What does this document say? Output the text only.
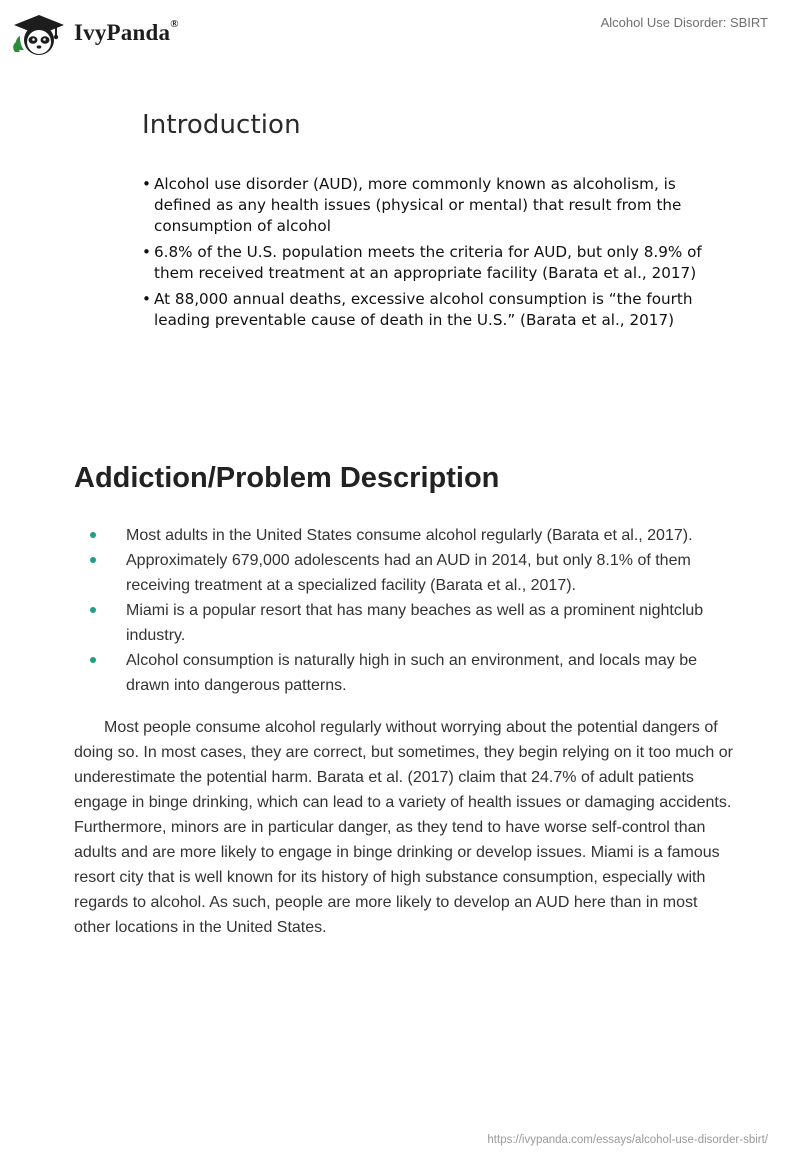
IvyPanda®	Alcohol Use Disorder: SBIRT
Introduction
• Alcohol use disorder (AUD), more commonly known as alcoholism, is defined as any health issues (physical or mental) that result from the consumption of alcohol
• 6.8% of the U.S. population meets the criteria for AUD, but only 8.9% of them received treatment at an appropriate facility (Barata et al., 2017)
• At 88,000 annual deaths, excessive alcohol consumption is “the fourth leading preventable cause of death in the U.S.” (Barata et al., 2017)
Addiction/Problem Description
Most adults in the United States consume alcohol regularly (Barata et al., 2017).
Approximately 679,000 adolescents had an AUD in 2014, but only 8.1% of them receiving treatment at a specialized facility (Barata et al., 2017).
Miami is a popular resort that has many beaches as well as a prominent nightclub industry.
Alcohol consumption is naturally high in such an environment, and locals may be drawn into dangerous patterns.

Most people consume alcohol regularly without worrying about the potential dangers of doing so. In most cases, they are correct, but sometimes, they begin relying on it too much or underestimate the potential harm. Barata et al. (2017) claim that 24.7% of adult patients engage in binge drinking, which can lead to a variety of health issues or damaging accidents. Furthermore, minors are in particular danger, as they tend to have worse self-control than adults and are more likely to engage in binge drinking or develop issues. Miami is a famous resort city that is well known for its history of high substance consumption, especially with regards to alcohol. As such, people are more likely to develop an AUD here than in most other locations in the United States.

https://ivypanda.com/essays/alcohol-use-disorder-sbirt/
